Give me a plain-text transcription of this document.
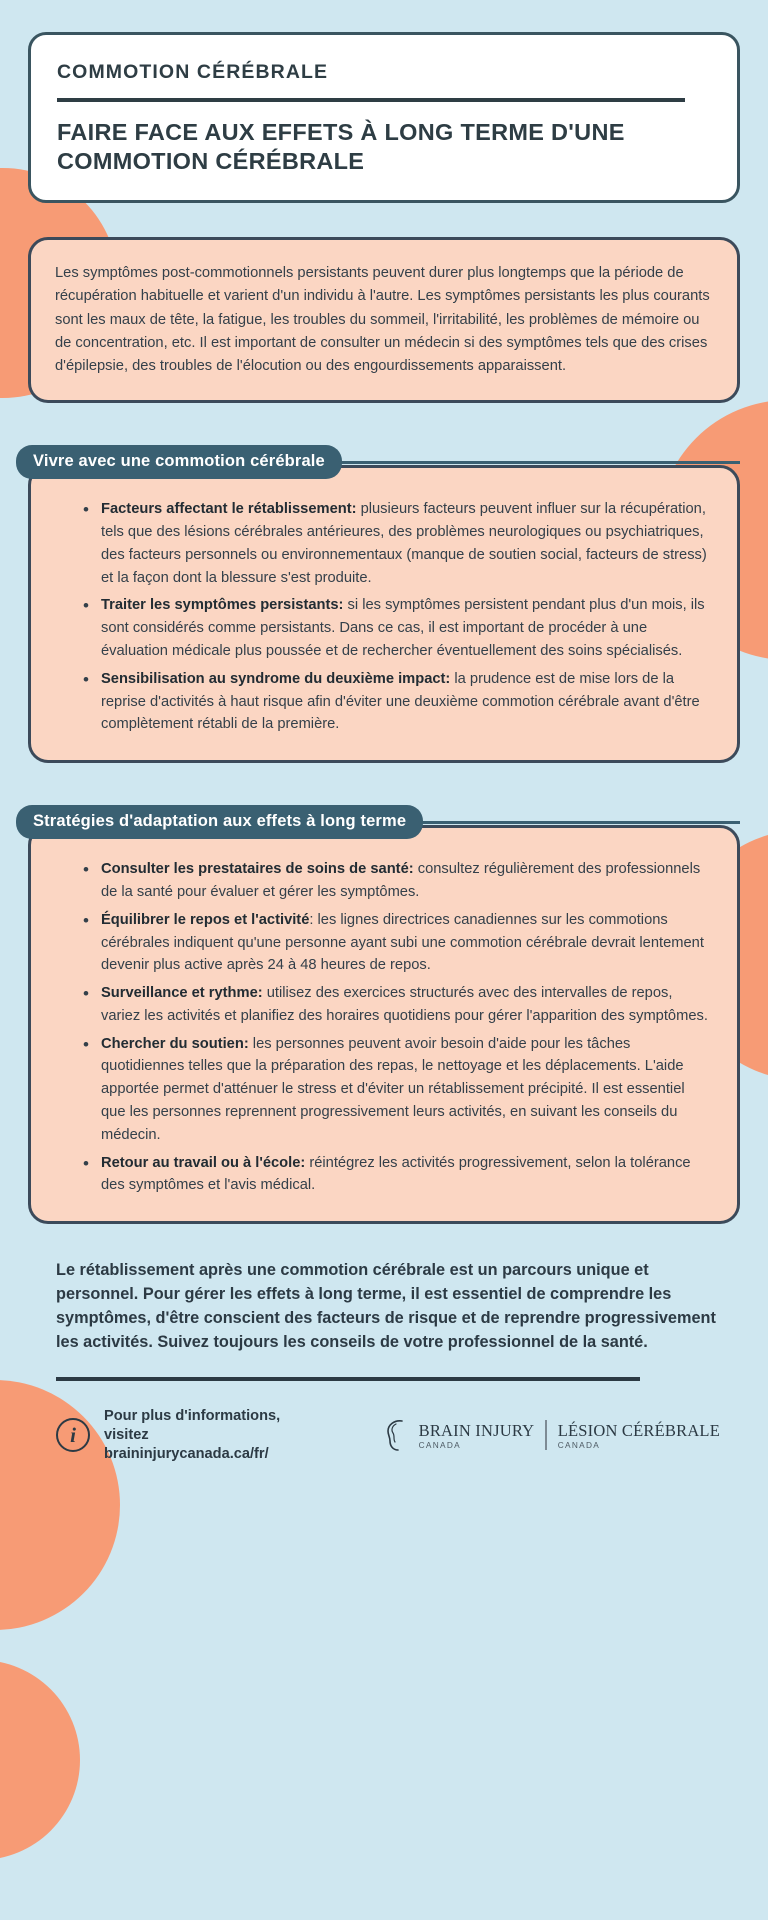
COMMOTION CÉRÉBRALE
FAIRE FACE AUX EFFETS À LONG TERME D'UNE COMMOTION CÉRÉBRALE

Les symptômes post-commotionnels persistants peuvent durer plus longtemps que la période de récupération habituelle et varient d'un individu à l'autre. Les symptômes persistants les plus courants sont les maux de tête, la fatigue, les troubles du sommeil, l'irritabilité, les problèmes de mémoire ou de concentration, etc. Il est important de consulter un médecin si des symptômes tels que des crises d'épilepsie, des troubles de l'élocution ou des engourdissements apparaissent.

Vivre avec une commotion cérébrale
• Facteurs affectant le rétablissement: plusieurs facteurs peuvent influer sur la récupération, tels que des lésions cérébrales antérieures, des problèmes neurologiques ou psychiatriques, des facteurs personnels ou environnementaux (manque de soutien social, facteurs de stress) et la façon dont la blessure s'est produite.
• Traiter les symptômes persistants: si les symptômes persistent pendant plus d'un mois, ils sont considérés comme persistants. Dans ce cas, il est important de procéder à une évaluation médicale plus poussée et de rechercher éventuellement des soins spécialisés.
• Sensibilisation au syndrome du deuxième impact: la prudence est de mise lors de la reprise d'activités à haut risque afin d'éviter une deuxième commotion cérébrale avant d'être complètement rétabli de la première.
Stratégies d'adaptation aux effets à long terme
• Consulter les prestataires de soins de santé: consultez régulièrement des professionnels de la santé pour évaluer et gérer les symptômes.
• Équilibrer le repos et l'activité: les lignes directrices canadiennes sur les commotions cérébrales indiquent qu'une personne ayant subi une commotion cérébrale devrait lentement devenir plus active après 24 à 48 heures de repos.
• Surveillance et rythme: utilisez des exercices structurés avec des intervalles de repos, variez les activités et planifiez des horaires quotidiens pour gérer l'apparition des symptômes.
• Chercher du soutien: les personnes peuvent avoir besoin d'aide pour les tâches quotidiennes telles que la préparation des repas, le nettoyage et les déplacements. L'aide apportée permet d'atténuer le stress et d'éviter un rétablissement précipité. Il est essentiel que les personnes reprennent progressivement leurs activités, en suivant les conseils du médecin.
• Retour au travail ou à l'école: réintégrez les activités progressivement, selon la tolérance des symptômes et l'avis médical.

Le rétablissement après une commotion cérébrale est un parcours unique et personnel. Pour gérer les effets à long terme, il est essentiel de comprendre les symptômes, d'être conscient des facteurs de risque et de reprendre progressivement les activités. Suivez toujours les conseils de votre professionnel de la santé.

i
Pour plus d'informations, visitez braininjurycanada.ca/fr/
BRAIN INJURY
CANADA
LÉSION CÉRÉBRALE
CANADA
